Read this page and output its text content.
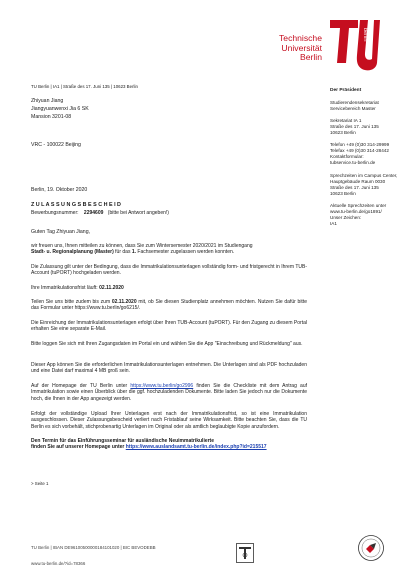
Technische
Universität
Berlin
berlin
TU Berlin | IA1 | Straße des 17. Juni 135 | 10623 Berlin
Zhiyuan Jiang
Jiangyuanwenxi Jia 6 SK
Mansion 3201-08
VRC - 100022 Beijing
Berlin, 19. Oktober 2020
Z U L A S S U N G S B E S C H E I D
Bewerbungsnummer: 2294609 (bitte bei Antwort angeben!)
Guten Tag Zhiyuan Jiang,
wir freuen uns, Ihnen mitteilen zu können, dass Sie zum Wintersemester 2020/2021 im Studiengang
Stadt- u. Regionalplanung (Master) für das 1. Fachsemester zugelassen werden konnten.
Die Zulassung gilt unter der Bedingung, dass die Immatrikulationsunterlagen vollständig form- und fristgerecht in Ihrem TUB-Account (tuPORT) hochgeladen werden.
Ihre Immatrikulationsfrist läuft: 02.11.2020
Teilen Sie uns bitte zudem bis zum 02.11.2020 mit, ob Sie diesen Studienplatz annehmen möchten. Nutzen Sie dafür bitte das Formular unter https://www.tu.berlin/go6215/.
Die Einreichung der Immatrikulationsunterlagen erfolgt über Ihren TUB-Account (tuPORT). Für den Zugang zu diesem Portal erhalten Sie eine separate E-Mail.
Bitte loggen Sie sich mit Ihren Zugangsdaten im Portal ein und wählen Sie die App "Einschreibung und Rückmeldung" aus.
Dieser App können Sie die erforderlichen Immatrikulationsunterlagen entnehmen. Die Unterlagen sind als PDF hochzuladen und eine Datei darf maximal 4 MB groß sein.
Auf der Homepage der TU Berlin unter https://www.tu.berlin/go2996 finden Sie die Checkliste mit dem Antrag auf Immatrikulation sowie einen Überblick über die ggf. hochzuladenden Dokumente. Bitte laden Sie jedoch nur die Dokumente hoch, die Ihnen in der App angezeigt werden.
Erfolgt der vollständige Upload Ihrer Unterlagen erst nach der Immatrikulationsfrist, so ist eine Immatrikulation ausgeschlossen. Dieser Zulassungsbescheid verliert nach Fristablauf seine Wirksamkeit. Bitte beachten Sie, dass die TU Berlin es sich vorbehält, stichprobenartig Unterlagen im Original oder als amtlich beglaubigte Kopie anzufordern.
Den Termin für das Einführungsseminar für ausländische Neuimmatrikulierte
finden Sie auf unserer Homepage unter https://www.auslandsamt.tu-berlin.de/index.php?id=215517
> Seite 1
TU Berlin | IBAN DE96100500000184101020 | BIC BEVODEBB
www.tu-berlin.de/?id=78366
Der Präsident
Studierendensekretariat
Servicebereich Master
Sekretariat IA 1
Straße des 17. Juni 135
10623 Berlin
Telefon +49 (0)30 314-29999
Telefax +49 (0)30 314-28442
Kontaktformular:
tubservice.tu-berlin.de
Sprechzeiten im Campus Center,
Hauptgebäude Raum 0030
Straße des 17. Juni 135
10623 Berlin
Aktuelle Sprechzeiten unter
www.tu-berlin.de/go1891/
Unser Zeichen:
IA1
